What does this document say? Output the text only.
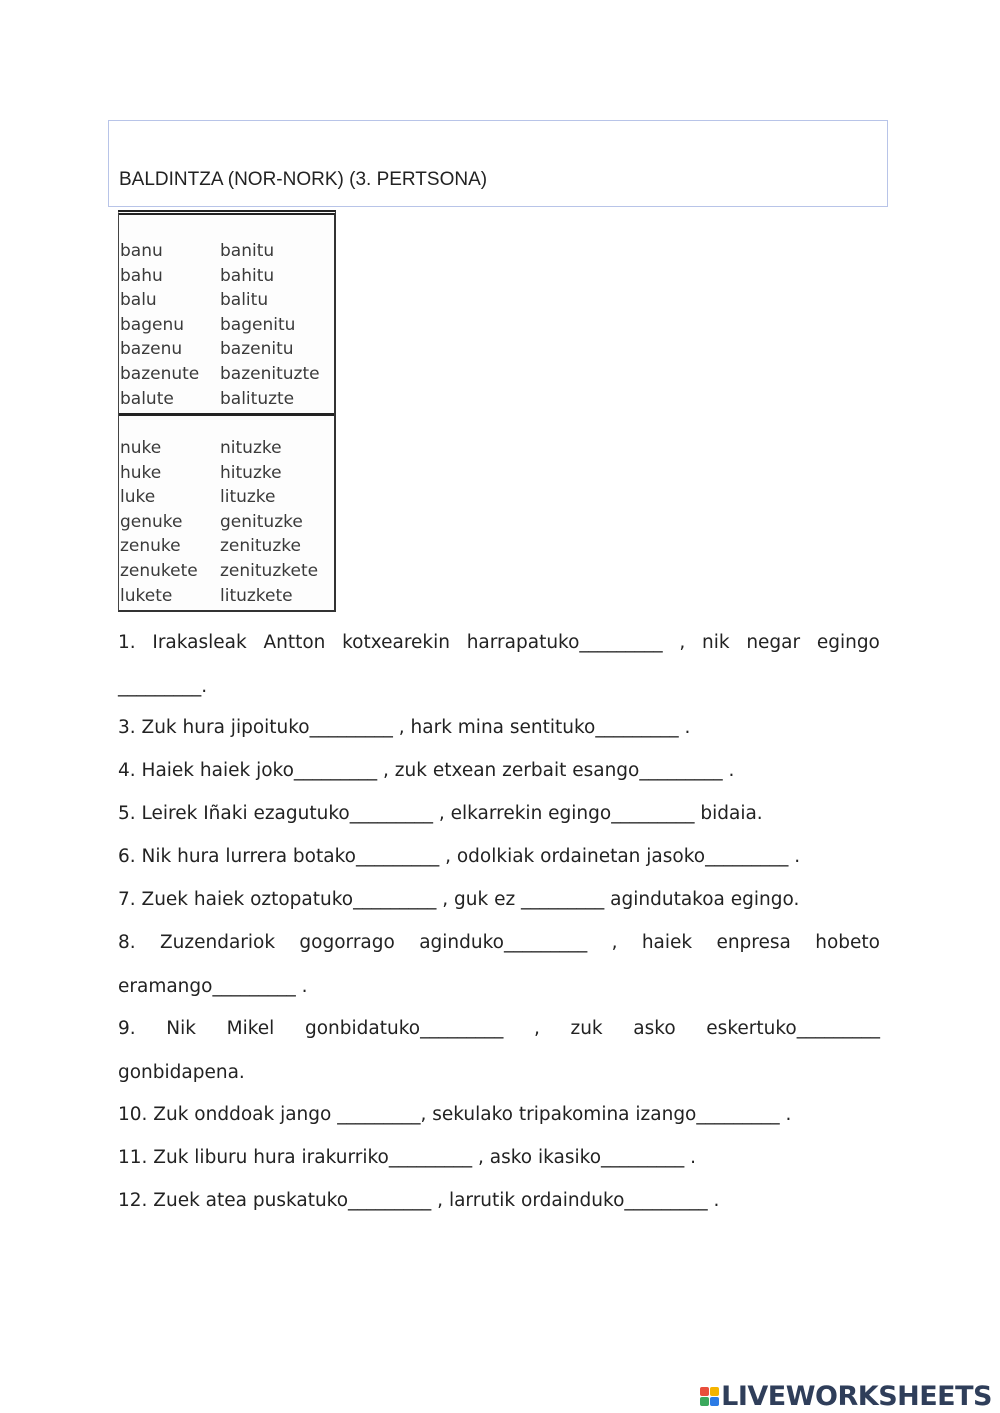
BALDINTZA (NOR-NORK) (3. PERTSONA)
banu	banitu
bahu	bahitu
balu	balitu
bagenu bagenitu
bazenu bazenitu
bazenute bazenituzte
balute	balituzte
nuke	nituzke
huke	hituzke
luke	lituzke
genuke genituzke
zenuke zenituzke
zenukete zenituzkete
lukete	lituzkete
1. Irakasleak Antton kotxearekin harrapatuko_________ , nik negar egingo
_________.
3. Zuk hura jipoituko_________ , hark mina sentituko_________ .
4. Haiek haiek joko_________ , zuk etxean zerbait esango_________ .
5. Leirek Iñaki ezagutuko_________ , elkarrekin egingo_________ bidaia.
6. Nik hura lurrera botako_________ , odolkiak ordainetan jasoko_________ .
7. Zuek haiek oztopatuko_________ , guk ez _________ agindutakoa egingo.
8. Zuzendariok gogorrago aginduko_________ , haiek enpresa hobeto
eramango_________ .
9. Nik Mikel gonbidatuko_________ , zuk asko eskertuko_________
gonbidapena.
10. Zuk onddoak jango _________, sekulako tripakomina izango_________ .
11. Zuk liburu hura irakurriko_________ , asko ikasiko_________ .
12. Zuek atea puskatuko_________ , larrutik ordainduko_________ .
LIVEWORKSHEETS
